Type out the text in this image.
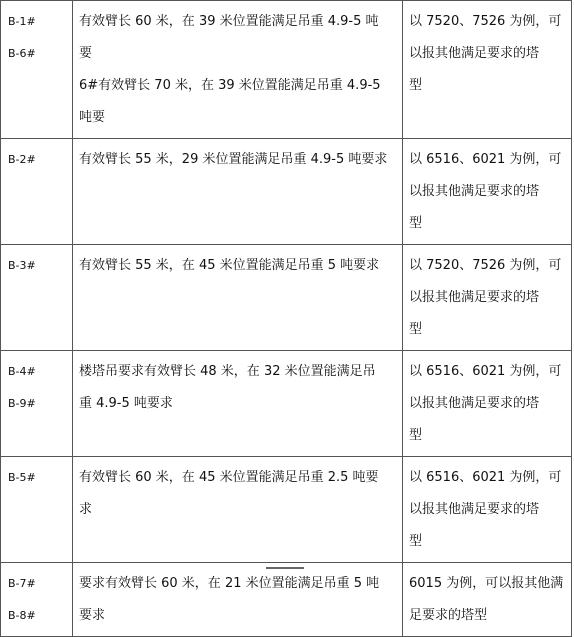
B-1#
B-6#	有效臂长 60 米，在 39 米位置能满足吊重 4.9-5 吨
要
6#有效臂长 70 米，在 39 米位置能满足吊重 4.9-5
吨要	以 7520、7526 为例，可
以报其他满足要求的塔
型

B-2#	有效臂长 55 米，29 米位置能满足吊重 4.9-5 吨要求	以 6516、6021 为例，可
以报其他满足要求的塔
型

B-3#	有效臂长 55 米，在 45 米位置能满足吊重 5 吨要求	以 7520、7526 为例，可
以报其他满足要求的塔
型

B-4#
B-9#	楼塔吊要求有效臂长 48 米，在 32 米位置能满足吊
重 4.9-5 吨要求	以 6516、6021 为例，可
以报其他满足要求的塔
型

B-5#	有效臂长 60 米，在 45 米位置能满足吊重 2.5 吨要
求	以 6516、6021 为例，可
以报其他满足要求的塔
型

B-7#
B-8#	要求有效臂长 60 米，在 21 米位置能满足吊重 5 吨
要求	6015 为例，可以报其他满
足要求的塔型
